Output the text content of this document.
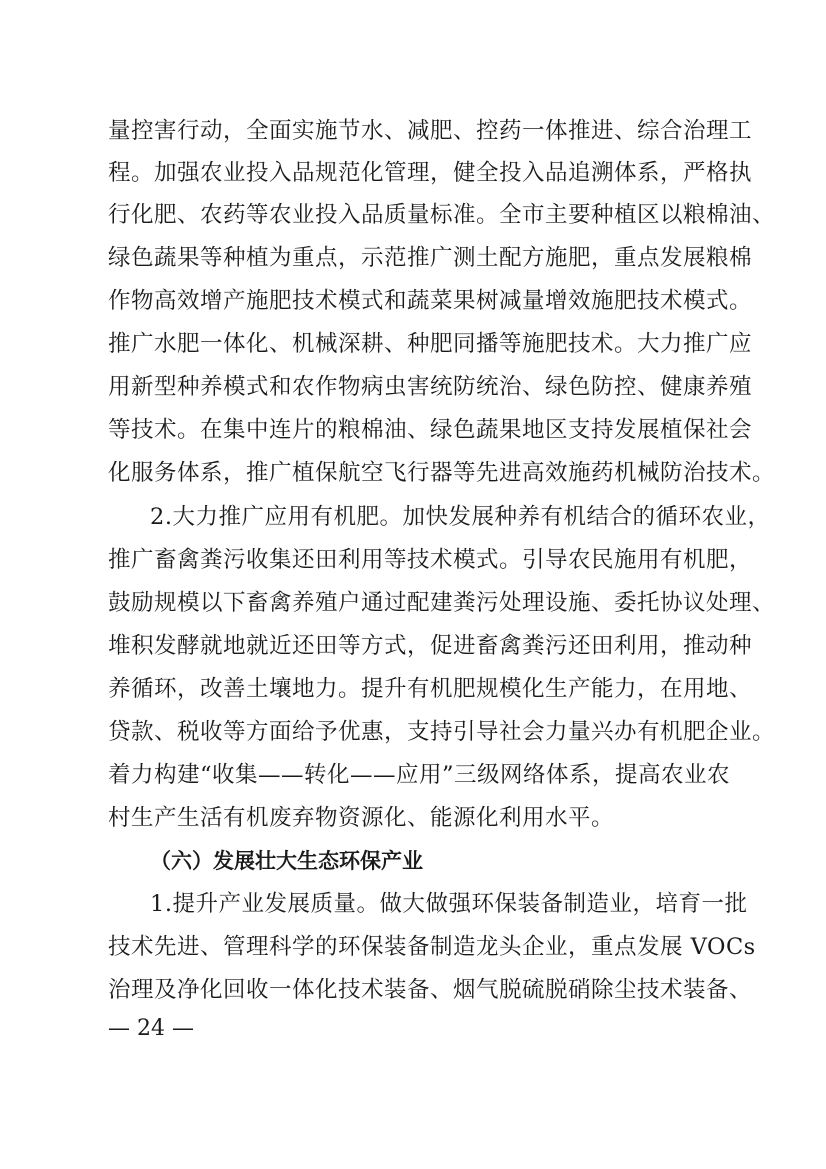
量控害行动，全面实施节水、减肥、控药一体推进、综合治理工
程。加强农业投入品规范化管理，健全投入品追溯体系，严格执
行化肥、农药等农业投入品质量标准。全市主要种植区以粮棉油、
绿色蔬果等种植为重点，示范推广测土配方施肥，重点发展粮棉
作物高效增产施肥技术模式和蔬菜果树减量增效施肥技术模式。
推广水肥一体化、机械深耕、种肥同播等施肥技术。大力推广应
用新型种养模式和农作物病虫害统防统治、绿色防控、健康养殖
等技术。在集中连片的粮棉油、绿色蔬果地区支持发展植保社会
化服务体系，推广植保航空飞行器等先进高效施药机械防治技术。
2.大力推广应用有机肥。加快发展种养有机结合的循环农业，
推广畜禽粪污收集还田利用等技术模式。引导农民施用有机肥，
鼓励规模以下畜禽养殖户通过配建粪污处理设施、委托协议处理、
堆积发酵就地就近还田等方式，促进畜禽粪污还田利用，推动种
养循环，改善土壤地力。提升有机肥规模化生产能力，在用地、
贷款、税收等方面给予优惠，支持引导社会力量兴办有机肥企业。
着力构建“收集——转化——应用”三级网络体系，提高农业农
村生产生活有机废弃物资源化、能源化利用水平。
（六）发展壮大生态环保产业
1.提升产业发展质量。做大做强环保装备制造业，培育一批
技术先进、管理科学的环保装备制造龙头企业，重点发展 VOCs
治理及净化回收一体化技术装备、烟气脱硫脱硝除尘技术装备、
— 24 —
